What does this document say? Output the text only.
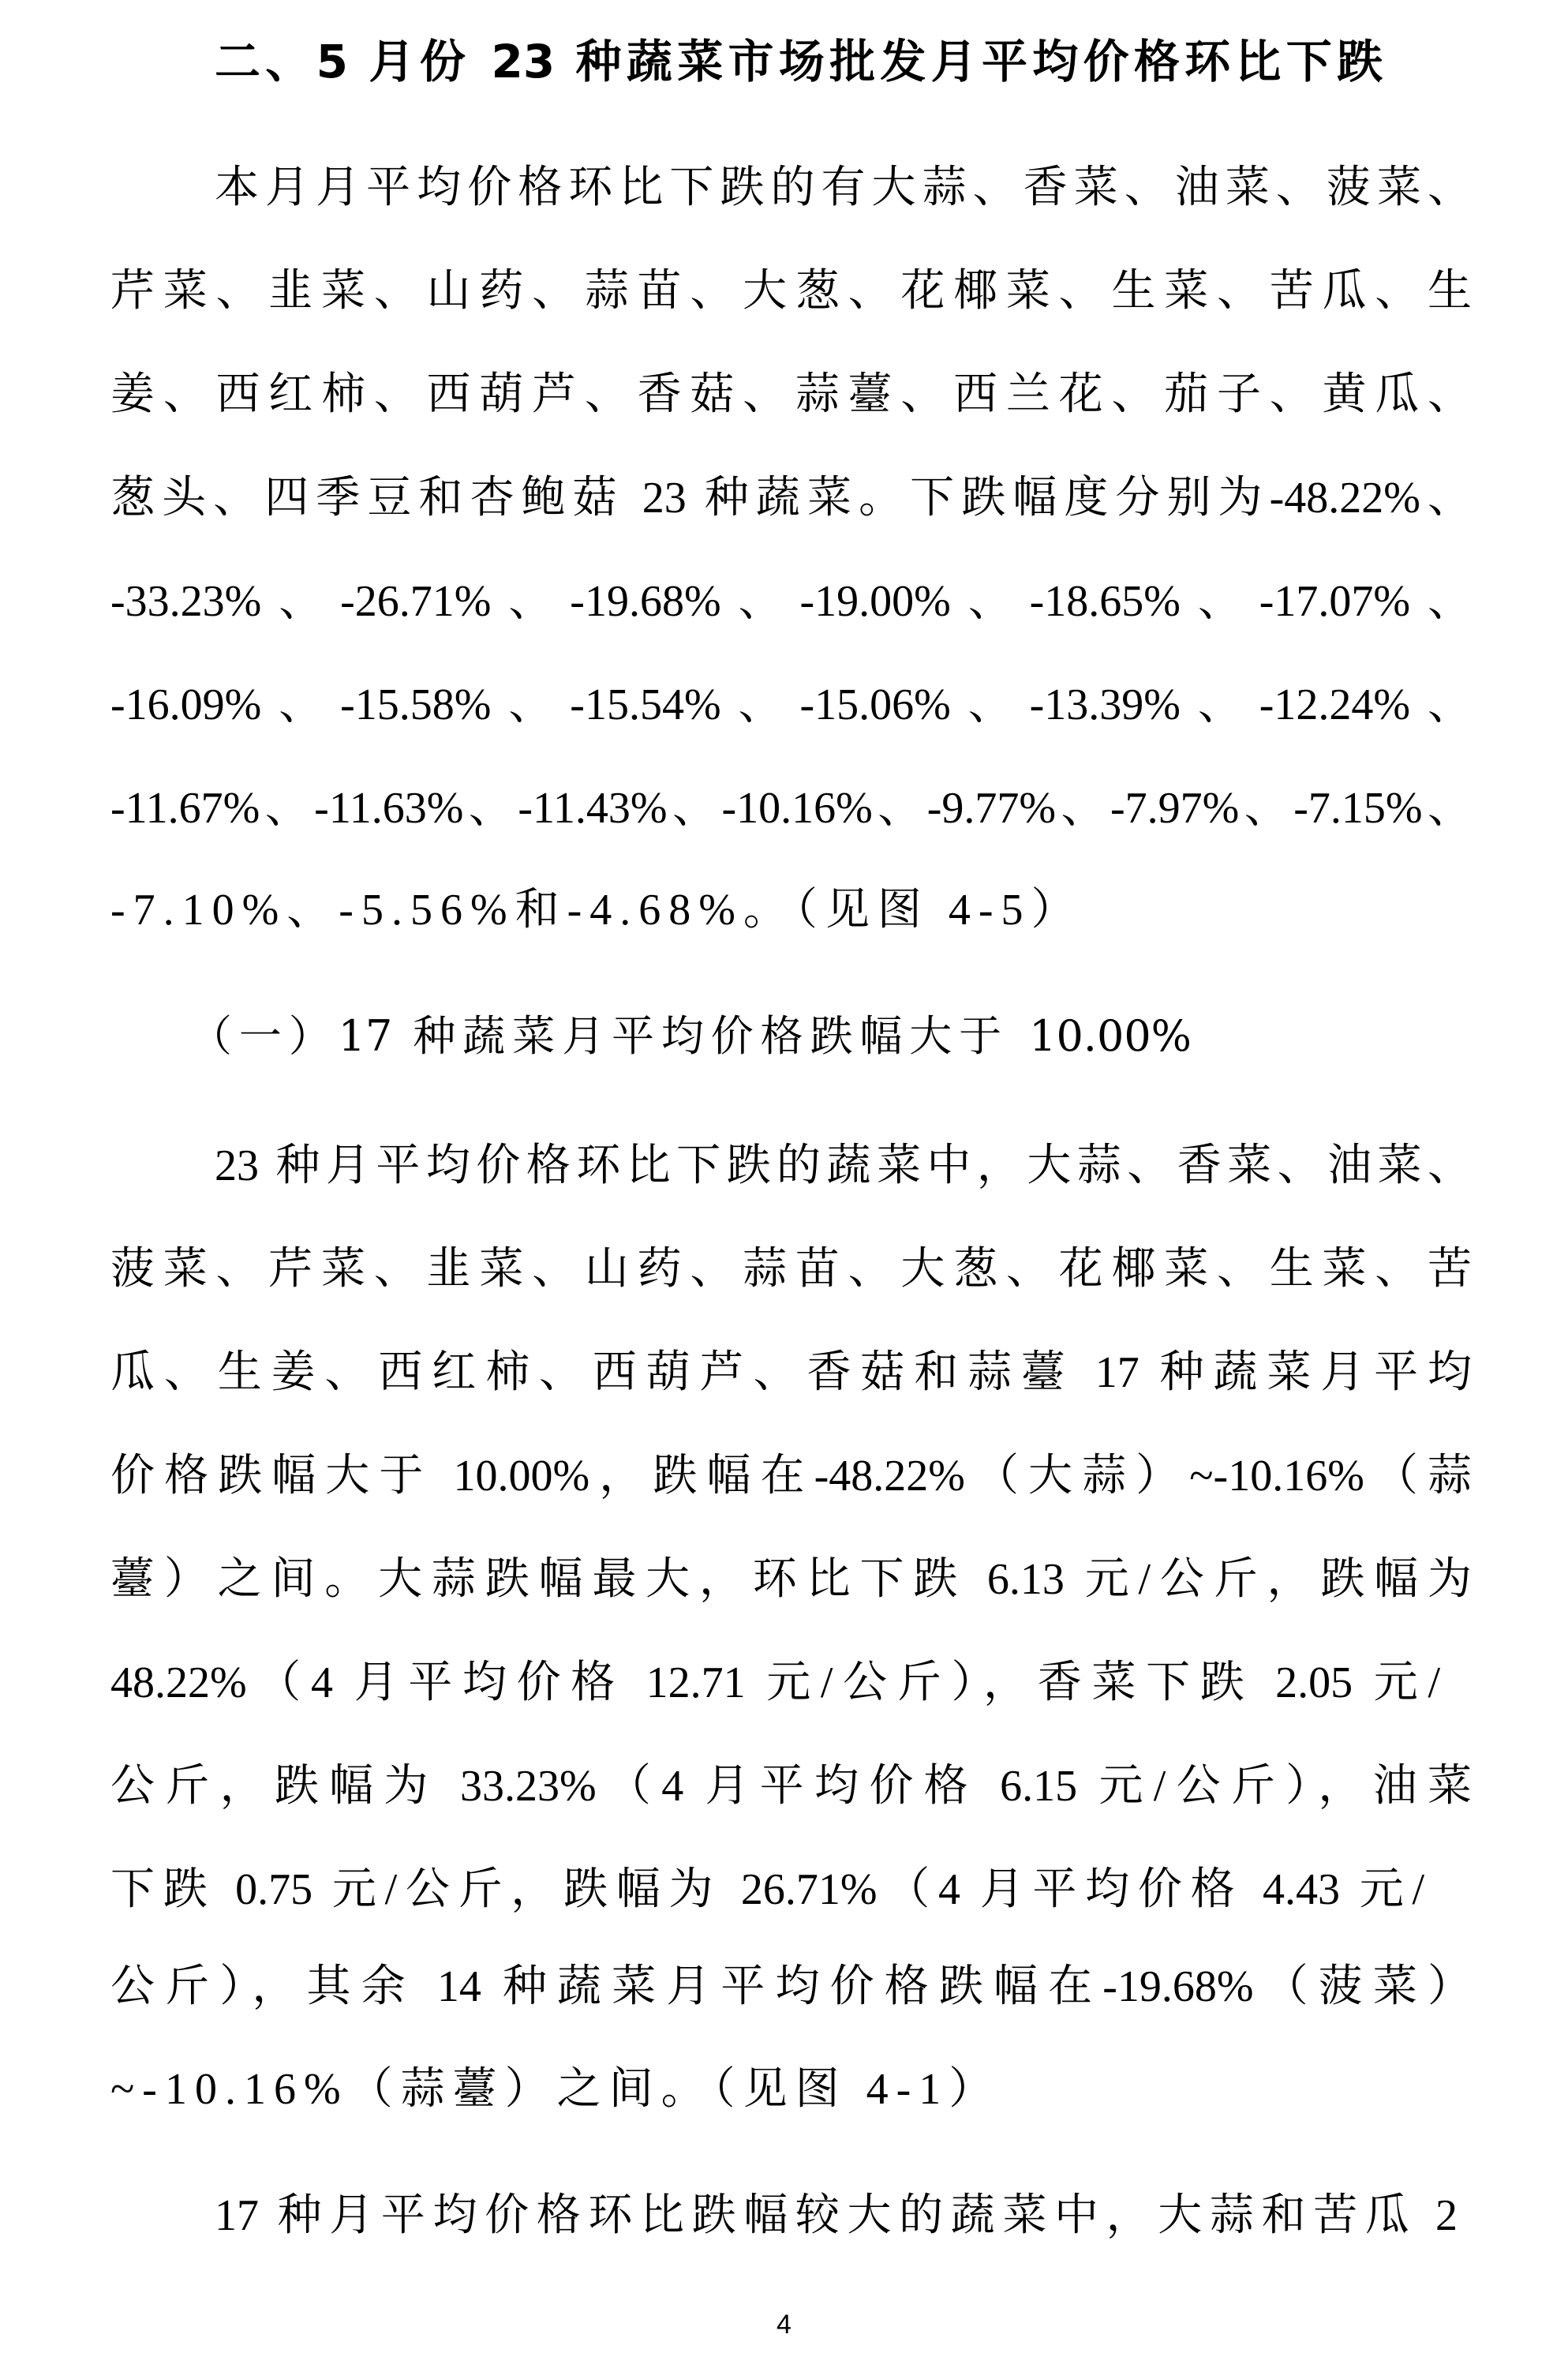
二、5 月份 23 种蔬菜市场批发月平均价格环比下跌
本月月平均价格环比下跌的有大蒜、香菜、油菜、菠菜、
芹菜、韭菜、山药、蒜苗、大葱、花椰菜、生菜、苦瓜、生
姜、西红柿、西葫芦、香菇、蒜薹、西兰花、茄子、黄瓜、
葱头、四季豆和杏鲍菇 23 种蔬菜。下跌幅度分别为-48.22%、
-33.23%、-26.71%、-19.68%、-19.00%、-18.65%、-17.07%、
-16.09%、-15.58%、-15.54%、-15.06%、-13.39%、-12.24%、
-11.67%、-11.63%、-11.43%、-10.16%、-9.77%、-7.97%、-7.15%、
-7.10%、-5.56%和-4.68%。（见图 4-5）
（一）17 种蔬菜月平均价格跌幅大于 10.00%
23 种月平均价格环比下跌的蔬菜中，大蒜、香菜、油菜、
菠菜、芹菜、韭菜、山药、蒜苗、大葱、花椰菜、生菜、苦
瓜、生姜、西红柿、西葫芦、香菇和蒜薹 17 种蔬菜月平均
价格跌幅大于 10.00%，跌幅在-48.22%（大蒜）~-10.16%（蒜
薹）之间。大蒜跌幅最大，环比下跌 6.13 元/公斤，跌幅为
48.22%（4 月平均价格 12.71 元/公斤），香菜下跌 2.05 元/
公斤，跌幅为 33.23%（4 月平均价格 6.15 元/公斤），油菜
下跌 0.75 元/公斤，跌幅为 26.71%（4 月平均价格 4.43 元/
公斤），其余 14 种蔬菜月平均价格跌幅在-19.68%（菠菜）
~-10.16%（蒜薹）之间。（见图 4-1）
17 种月平均价格环比跌幅较大的蔬菜中，大蒜和苦瓜 2
4
